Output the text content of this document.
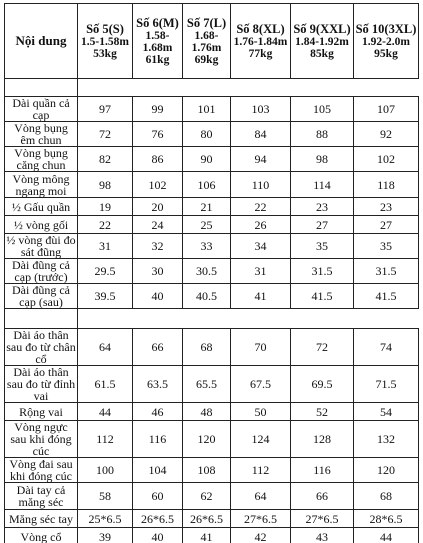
Nội dung	Số 5(S)
1.5-1.58m
53kg	Số 6(M)
1.58-1.68m
61kg	Số 7(L)
1.68-1.76m
69kg	Số 8(XL)
1.76-1.84m
77kg	Số 9(XXL)
1.84-1.92m
85kg	Số 10(3XL)
1.92-2.0m
95kg

Dài quần cả cạp	97	99	101	103	105	107
Vòng bụng êm chun	72	76	80	84	88	92
Vòng bụng căng chun	82	86	90	94	98	102
Vòng mông ngang moi	98	102	106	110	114	118
½ Gấu quần	19	20	21	22	23	23
½ vòng gối	22	24	25	26	27	27
½ vòng đùi đo sát đũng	31	32	33	34	35	35
Dài đũng cả cạp (trước)	29.5	30	30.5	31	31.5	31.5
Dài đũng cả cạp (sau)	39.5	40	40.5	41	41.5	41.5

Dài áo thân sau đo từ chân cổ	64	66	68	70	72	74
Dài áo thân sau đo từ đỉnh vai	61.5	63.5	65.5	67.5	69.5	71.5
Rộng vai	44	46	48	50	52	54
Vòng ngực sau khi đóng cúc	112	116	120	124	128	132
Vòng đai sau khi đóng cúc	100	104	108	112	116	120
Dài tay cả măng séc	58	60	62	64	66	68
Măng séc tay	25*6.5	26*6.5	26*6.5	27*6.5	27*6.5	28*6.5
Vòng cổ	39	40	41	42	43	44
